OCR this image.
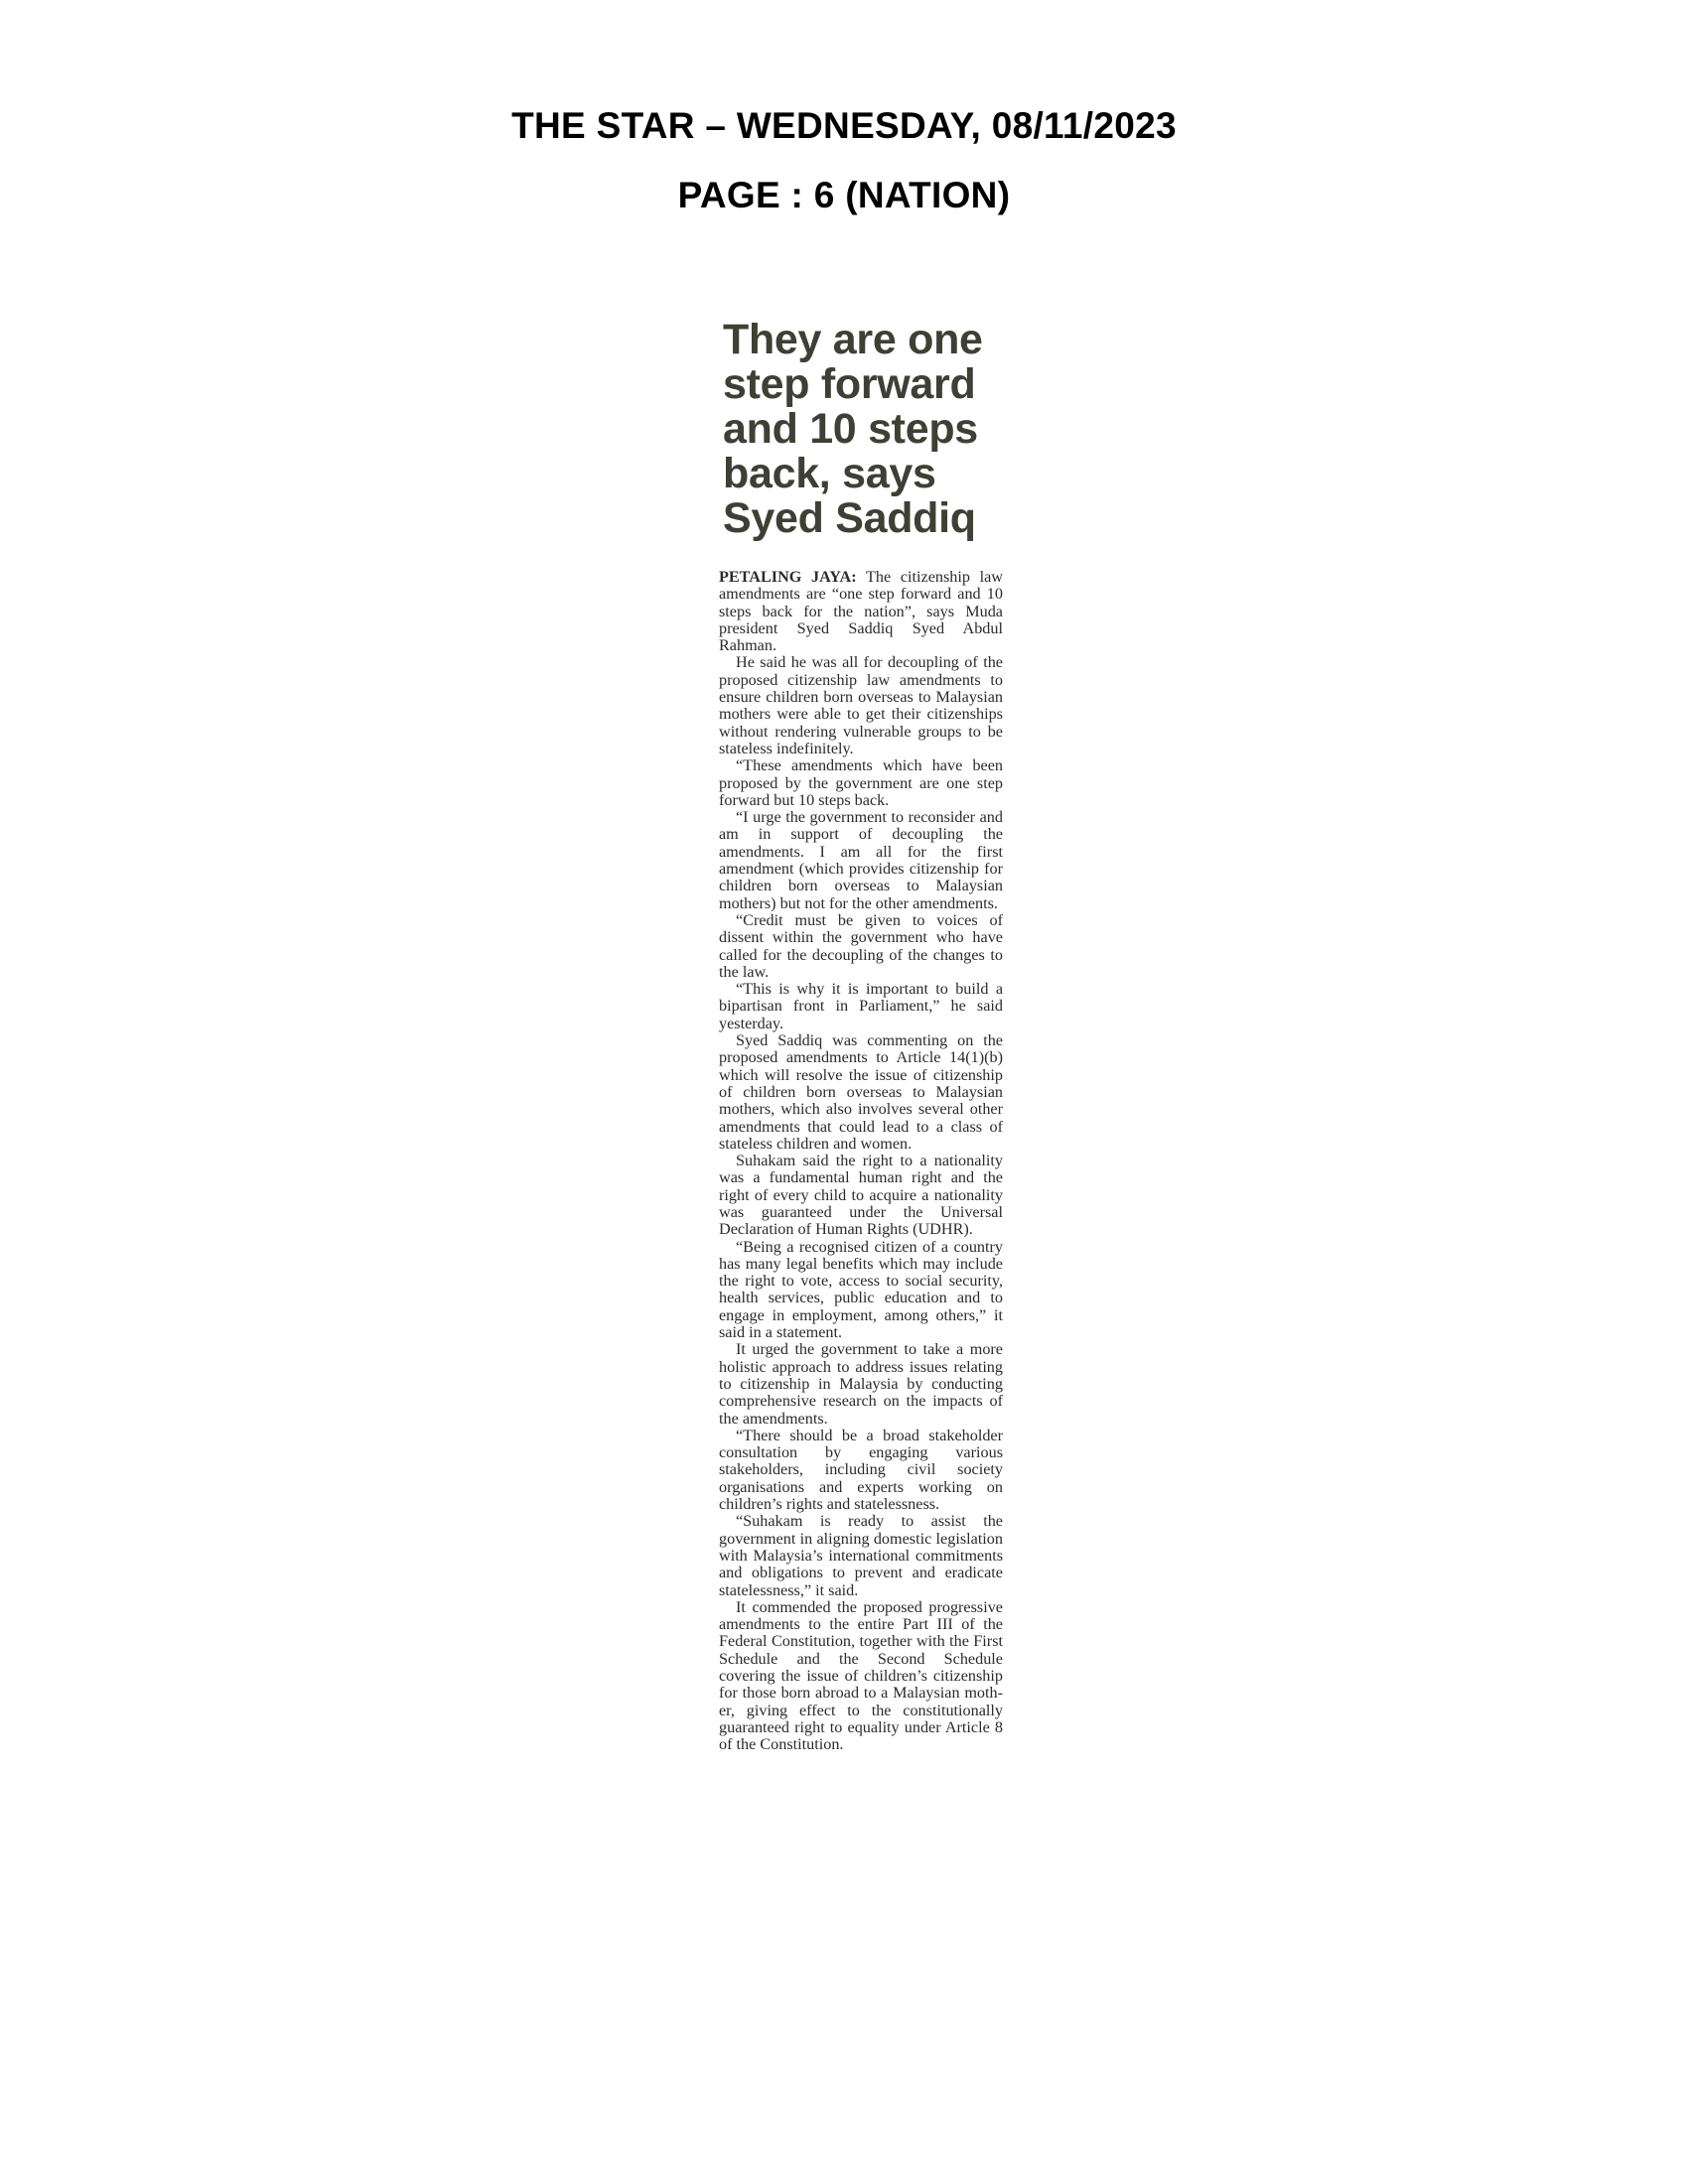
THE STAR – WEDNESDAY, 08/11/2023
PAGE : 6 (NATION)
They are one
step forward
and 10 steps
back, says
Syed Saddiq

PETALING JAYA: The citizenship law amendments are “one step forward and 10 steps back for the nation”, says Muda president Syed Saddiq Syed Abdul Rahman.

He said he was all for decoupling of the proposed citizenship law amendments to ensure children born overseas to Malaysian mothers were able to get their citizenships without rendering vulnerable groups to be stateless indefinitely.

“These amendments which have been proposed by the government are one step forward but 10 steps back.

“I urge the government to reconsider and am in support of decoupling the amendments. I am all for the first amendment (which provides citizenship for children born overseas to Malaysian mothers) but not for the other amendments.

“Credit must be given to voices of dissent within the government who have called for the decoupling of the changes to the law.

“This is why it is important to build a bipartisan front in Parliament,” he said yesterday.

Syed Saddiq was commenting on the proposed amendments to Article 14(1)(b) which will resolve the issue of citizenship of children born overseas to Malaysian mothers, which also involves several other amendments that could lead to a class of stateless children and women.

Suhakam said the right to a nationality was a fundamental human right and the right of every child to acquire a nationality was guaranteed under the Universal Declaration of Human Rights (UDHR).

“Being a recognised citizen of a country has many legal benefits which may include the right to vote, access to social security, health services, public education and to engage in employment, among others,” it said in a statement.

It urged the government to take a more holistic approach to address issues relating to citizenship in Malaysia by conducting comprehensive research on the impacts of the amendments.

“There should be a broad stakeholder consultation by engaging various stakeholders, including civil society organisations and experts working on children’s rights and statelessness.

“Suhakam is ready to assist the government in aligning domestic legislation with Malaysia’s international commitments and obligations to prevent and eradicate statelessness,” it said.

It commended the proposed progressive amendments to the entire Part III of the Federal Constitution, together with the First Schedule and the Second Schedule covering the issue of children’s citizenship for those born abroad to a Malaysian mother, giving effect to the constitutionally guaranteed right to equality under Article 8 of the Constitution.
